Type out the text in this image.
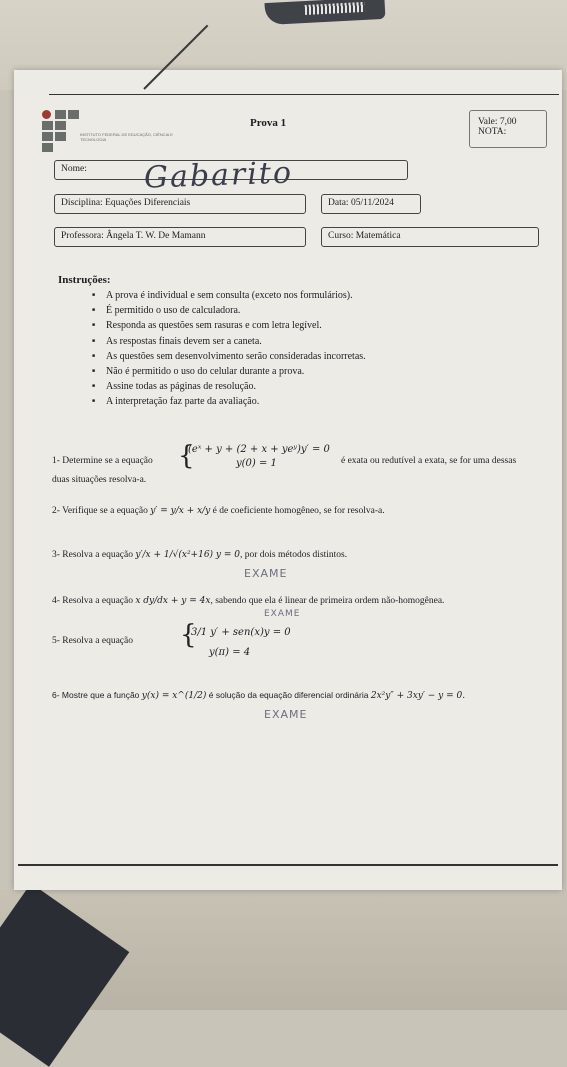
INSTITUTO FEDERAL DE EDUCAÇÃO, CIÊNCIA E TECNOLOGIA
Prova 1	Vale: 7,00
NOTA:
Nome:	Gabarito
Disciplina: Equações Diferenciais	Data: 05/11/2024
Professora: Ângela T. W. De Mamann	Curso: Matemática
Instruções:
■ A prova é individual e sem consulta (exceto nos formulários).
■ É permitido o uso de calculadora.
■ Responda as questões sem rasuras e com letra legível.
■ As respostas finais devem ser a caneta.
■ As questões sem desenvolvimento serão consideradas incorretas.
■ Não é permitido o uso do celular durante a prova.
■ Assine todas as páginas de resolução.
■ A interpretação faz parte da avaliação.
1- Determine se a equação {
(eˣ + y + (2 + x + yeʸ)y′ = 0
y(0) = 1	é exata ou redutível a exata, se for uma dessas
duas situações resolva-a.
2- Verifique se a equação y′ = y/x + x/y é de coeficiente homogêneo, se for resolva-a.
3- Resolva a equação y′/x + 1/√(x²+16) y = 0, por dois métodos distintos.
EXAME
4- Resolva a equação x dy/dx + y = 4x, sabendo que ela é linear de primeira ordem não-homogênea.
EXAME
5- Resolva a equação {
3/1 y′ + sen(x)y = 0
y(π) = 4
6- Mostre que a função y(x) = x^(1/2) é solução da equação diferencial ordinária 2x²y″ + 3xy′ − y = 0.
EXAME
